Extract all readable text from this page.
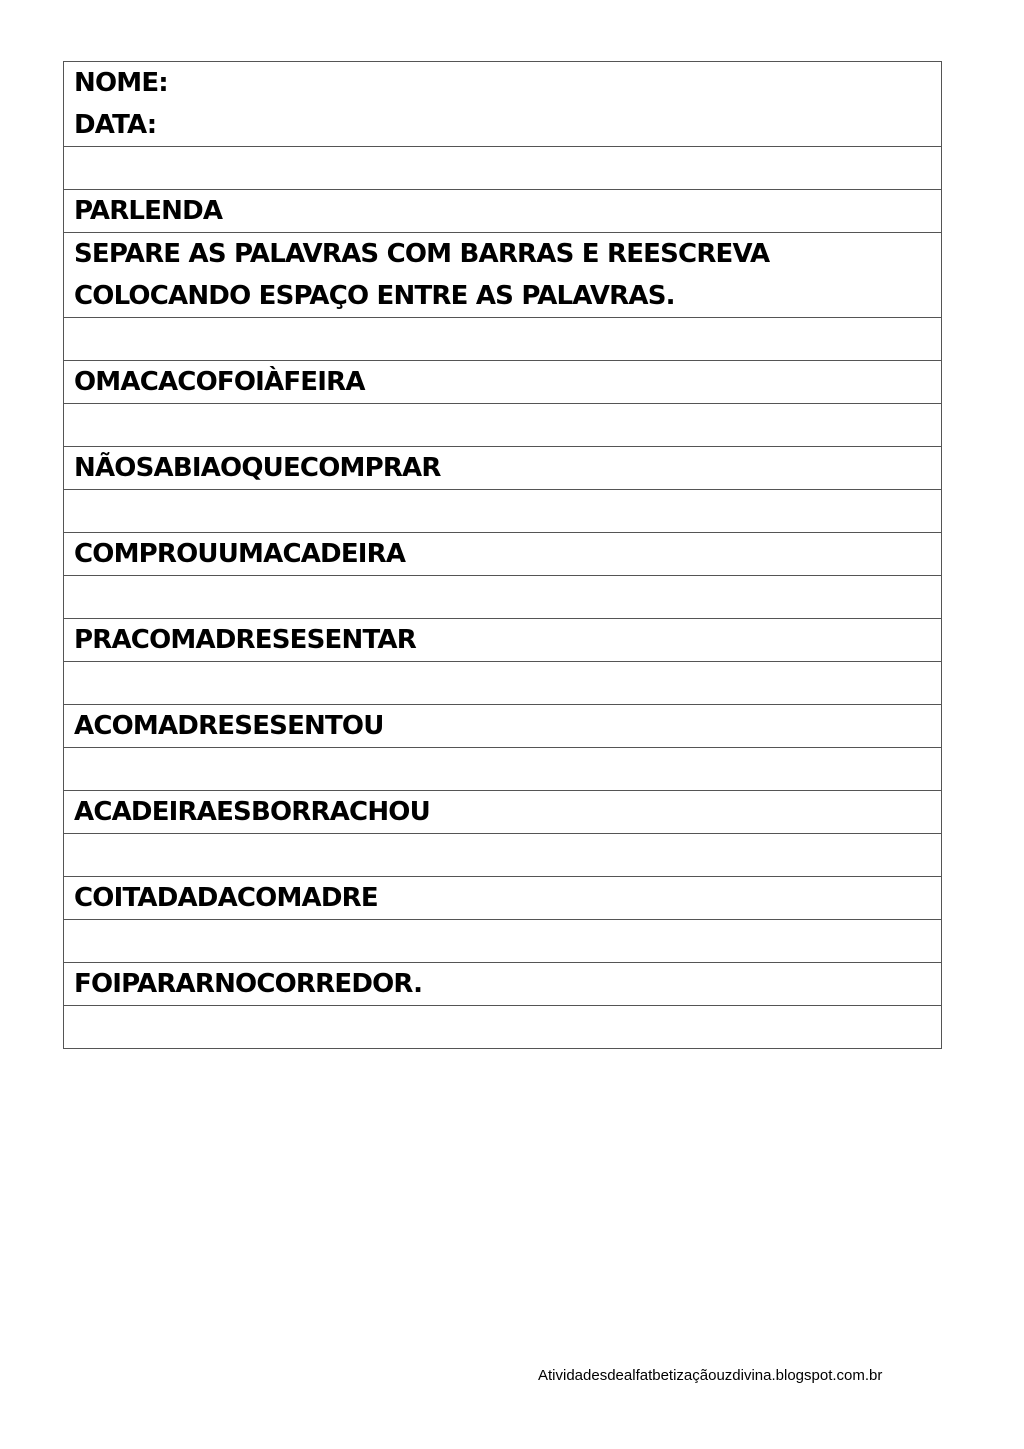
NOME:
DATA:

PARLENDA

SEPARE AS PALAVRAS COM BARRAS E REESCREVA
COLOCANDO ESPAÇO ENTRE AS PALAVRAS.

OMACACOFOIÀFEIRA

NÃOSABIAOQUECOMPRAR

COMPROUUMACADEIRA

PRACOMADRESESENTAR

ACOMADRESESENTOU

ACADEIRAESBORRACHOU

COITADADACOMADRE

FOIPARARNOCORREDOR.

Atividadesdealfatbetizaçãouzdivina.blogspot.com.br
